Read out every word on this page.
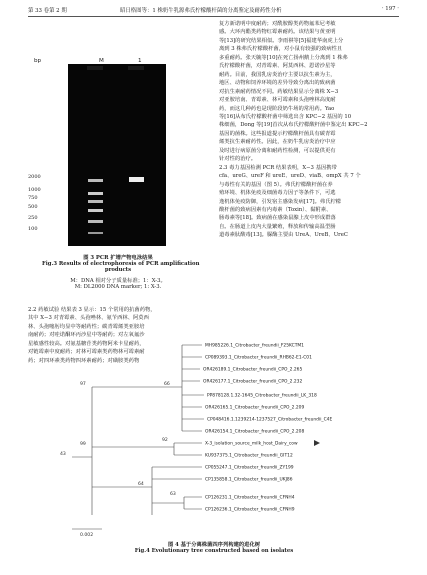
第 33 卷第 2 期	昭日格图等：1 株奶牛乳源弗氏柠檬酸杆菌的分离鉴定及耐药性分析	· 197 ·
bp	M	1
2000
1000
750
500
250
100
图 3 PCR 扩增产物电泳结果
Fig.3 Results of electrophoresis of PCR amplification
products
M：DNA 相对分子质量标准；1：X-3。
M: DL2000 DNA marker; 1: X-3.

2.2 药敏试验 结果表 3 显示：15 个常用的抗菌药物，

其中 X−3 对青霉素、头孢唑林、氨苄西林、阿莫西

林、头孢噻肟均显中等耐药性；碳青霉烯类亚胺培

南耐药；对哇诺酮环丙沙星中等耐药；对左氧氟沙

星敏感性较高。对氨基糖苷类药物阿米卡星耐药，

对链霉素中度耐药；对林可霉素类药物林可霉素耐

药；对四环素类药物四环素耐药；对磺胺类药物

复方新诺明中度耐药；对酰胺醇类药物氟苯尼考敏

感。大环内酯类药物红霉素耐药。该结果与黄亚明

等[13]的研究结果相似。李雨祺等[5]福建华南虎上分

离到 3 株弗氏柠檬酸杆菌，对小鼠有较强的致病性且

多重耐药。张天毓等[10]在死亡扬州鹅上分离到 1 株弗

氏柠檬酸杆菌，对青霉素、阿莫西林、恩诺沙星等

耐药。目前，我国乳房炎治疗主要以抗生素为主，

地区、动物和饲养环境的差异导致分离出的致病菌

对抗生素耐药情况不同。药敏结果显示分离株 X−3

对亚胺培南、青霉素、林可霉素和头孢唑林高度耐

药，而这几种药也是现阶段奶牛场的常用药。Yao

等[16]从布氏柠檬酸杆菌中筛选出含 KPC−2 基因的 10

株细菌，Dong 等[19]首次从布氏柠檬酸杆菌中鉴定出 KPC−2

基因的菌株。这些报道提示柠檬酸杆菌具有碳青霉

烯类抗生素耐药性。因此，在奶牛乳房炎治疗中应

及时进行病原菌分离和耐药性检测，可以提供更有

针对性的治疗。

2.3 毒力基因检测 PCR 结果表明，X−3 基因携带

cfa、ureG、ureF 和 ureE、ureD、viaB、ompX 共 7 个

与毒性有关的基因（图 5）。弗氏柠檬酸杆菌在养

殖环境、机体免疫及细菌毒力因子等条件下，可逃

逸机体免疫防御，引发宿主感染发病[17]。弗氏柠檬

酸杆菌的致病因素有内毒素（Toxin）、黏附素、

肠毒素等[18]。致病菌在感染鼠腺上皮中形成群落

自。在肠道上皮内大量繁殖，释放和传输高温型肠

道毒素肽酸毒[13]。脲酶主要由 UreA、UreB、UreC

0.002
66
97
99
92
64
63
43
MH985226.1_Citrobacter_freundii_F25KCTM1
CP089393.1_Citrobacter_freundii_RHB62-E1-C01
OR426189.1_Citrobacter_freundii_CPO_2.265
OR426177.1_Citrobacter_freundii_CPO_2.232
PP878128.1.32-1645_Citrobacter_freundii_LK_318
OR426165.1_Citrobacter_freundii_CPO_2.209
CP048416.1.1239214-1237527_Citrobacter_freundii_C4E
OR426154.1_Citrobacter_freundii_CPO_2.208
X-3_isolation_source_milk_host_Dairy_cow
KU937375.1_Citrobacter_freundii_GIT12
CP055247.1_Citrobacter_freundii_ZY199
CP135858.1_Citrobacter_freundii_UKJ86
CP126231.1_Citrobacter_freundii_CFNH4
CP126236.1_Citrobacter_freundii_CFNH9
图 4 基于分离株菌四序列构建的进化树
Fig.4 Evolutionary tree constructed based on isolates
